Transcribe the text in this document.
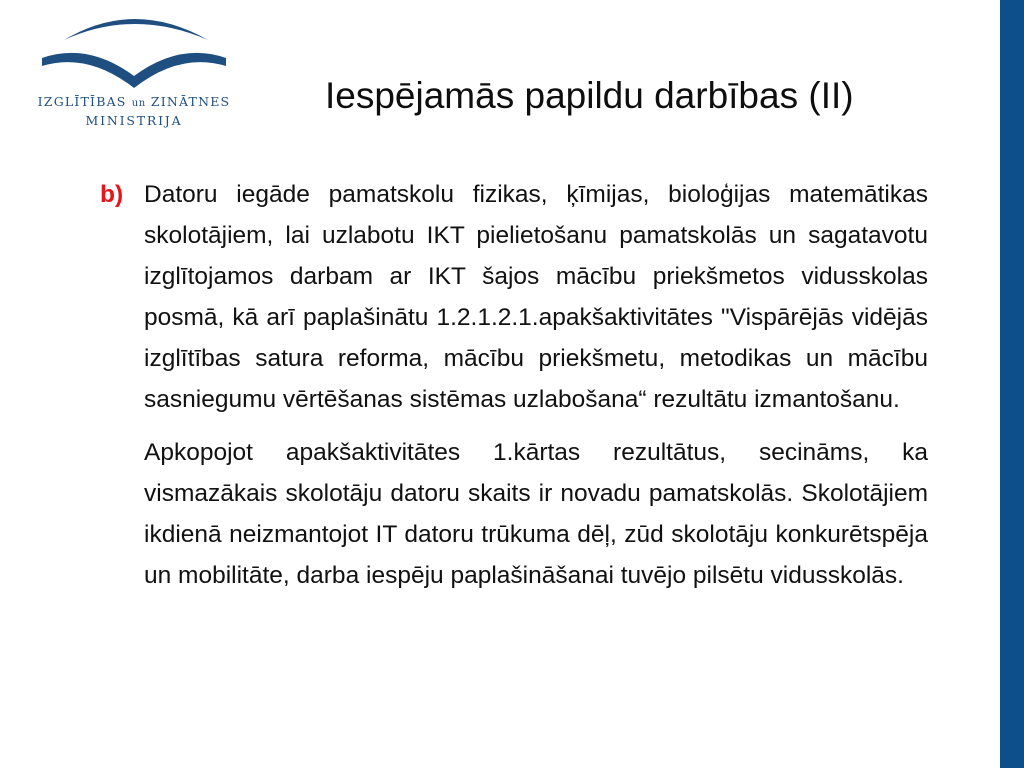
IZGLĪTĪBAS un ZINĀTNES
MINISTRIJA
Iespējamās papildu darbības (II)

b) Datoru iegāde pamatskolu fizikas, ķīmijas, bioloģijas matemātikas skolotājiem, lai uzlabotu IKT pielietošanu pamatskolās un sagatavotu izglītojamos darbam ar IKT šajos mācību priekšmetos vidusskolas posmā, kā arī paplašinātu 1.2.1.2.1.apakšaktivitātes "Vispārējās vidējās izglītības satura reforma, mācību priekšmetu, metodikas un mācību sasniegumu vērtēšanas sistēmas uzlabošana“ rezultātu izmantošanu.

Apkopojot apakšaktivitātes 1.kārtas rezultātus, secināms, ka vismazākais skolotāju datoru skaits ir novadu pamatskolās. Skolotājiem ikdienā neizmantojot IT datoru trūkuma dēļ, zūd skolotāju konkurētspēja un mobilitāte, darba iespēju paplašināšanai tuvējo pilsētu vidusskolās.
